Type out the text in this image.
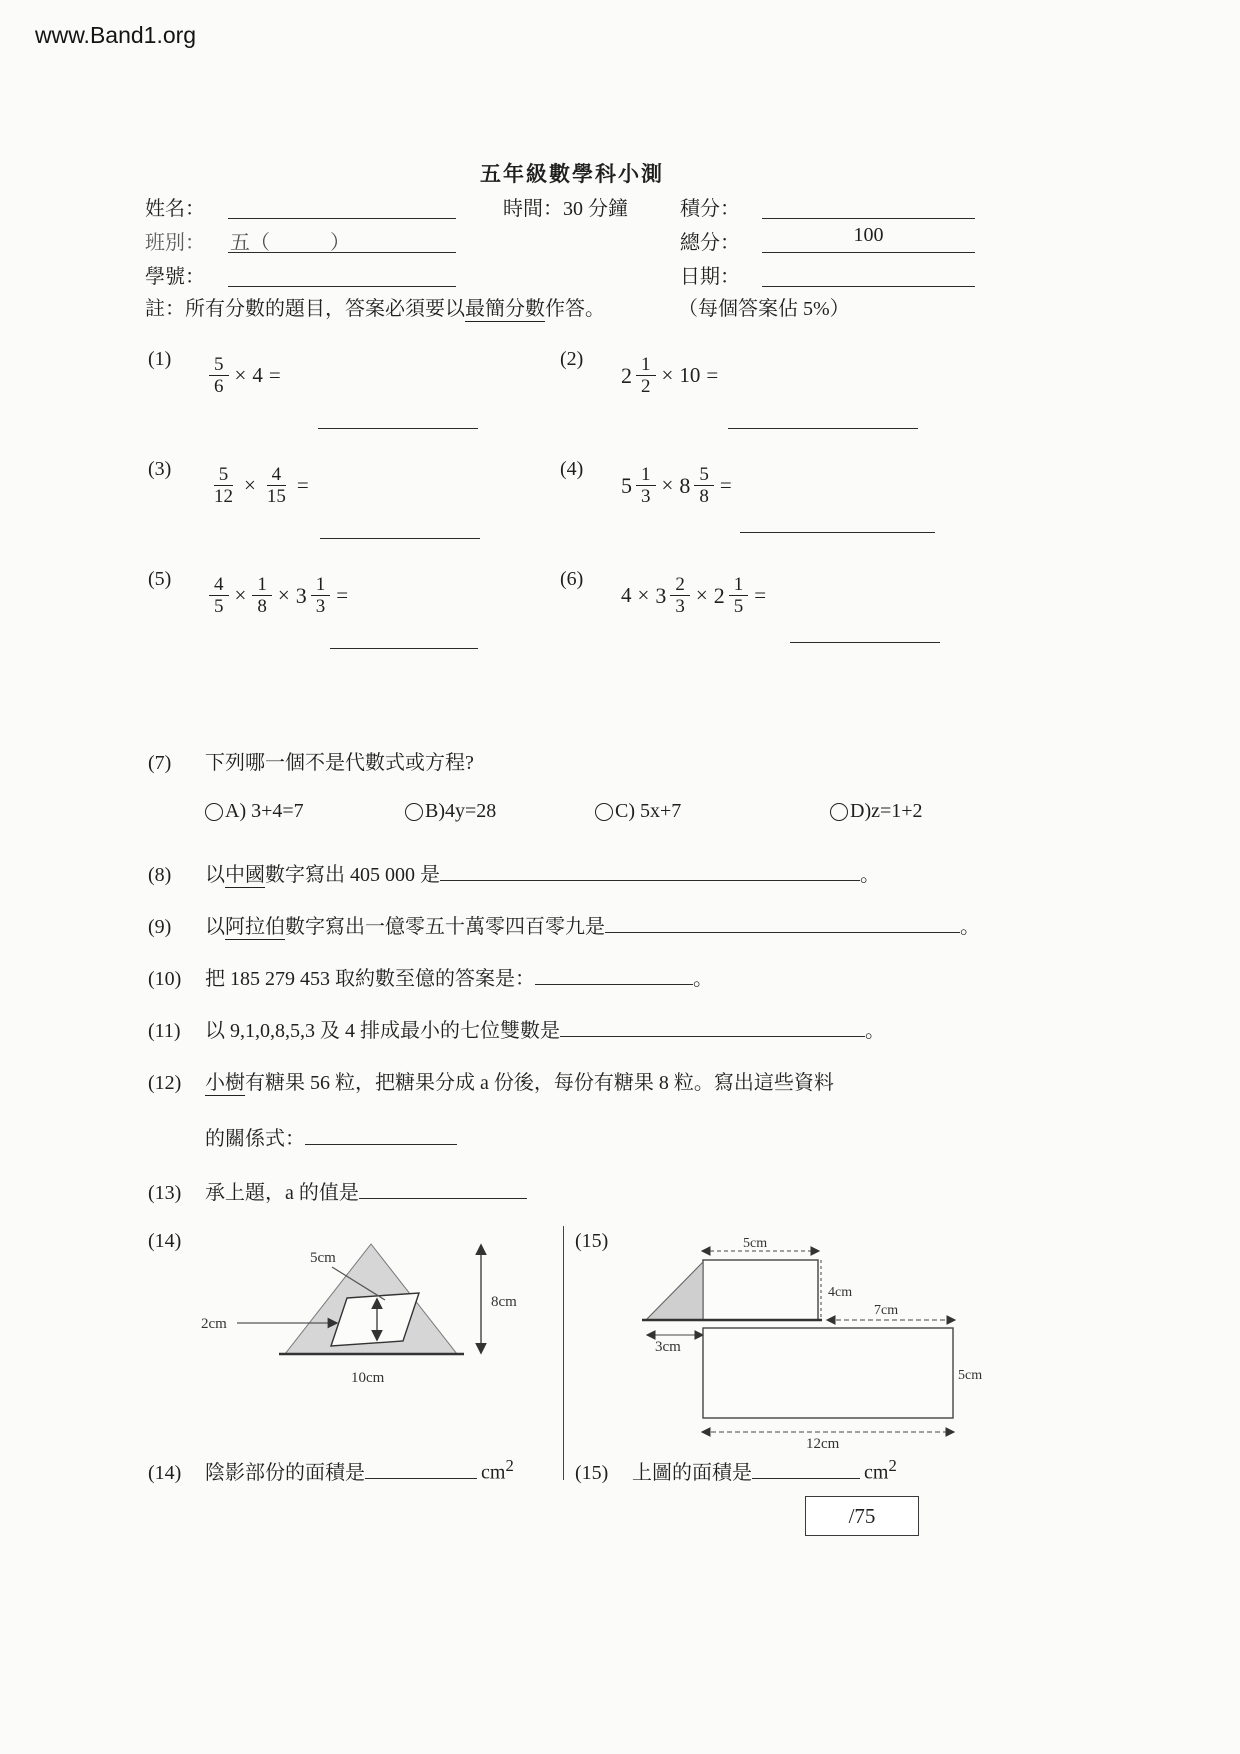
www.Band1.org
五年級數學科小測
姓名：	時間：30 分鐘	積分：
班別： 五（　　　）	總分：	100
學號：	日期：
註：所有分數的題目，答案必須要以最簡分數作答。	（每個答案佔 5%）
(1)	$\frac{5}{6} \times 4$ =
(2)
$2 \frac{1}{2} \times 10$ =
(3)	$\frac{5}{12} \times \frac{4}{15}$ =
(4)
$5 \frac{1}{3} \times 8 \frac{5}{8}$ =
(5)	$\frac{4}{5} \times \frac{1}{8} \times 3 \frac{1}{3}$ =
(6)
$4 \times 3 \frac{2}{3} \times 2 \frac{1}{5}$ =
(7)	下列哪一個不是代數式或方程?
A) 3+4=7	B)4y=28	C) 5x+7	D)z=1+2
(8)	以中國數字寫出 405 000 是	。
(9)	以阿拉伯數字寫出一億零五十萬零四百零九是	。
(10)	把 185 279 453 取約數至億的答案是：	。
(11)	以 9,1,0,8,5,3 及 4 排成最小的七位雙數是	。
(12)	小樹有糖果 56 粒，把糖果分成 a 份後，每份有糖果 8 粒。寫出這些資料
的關係式：
(13)	承上題，a 的值是
(14)	(15)
5cm
2cm
8cm
10cm
5cm
4cm
7cm
3cm
5cm
12cm
(14)	陰影部份的面積是	$cm^2$	(15)	上圖的面積是	$cm^2$
/75
